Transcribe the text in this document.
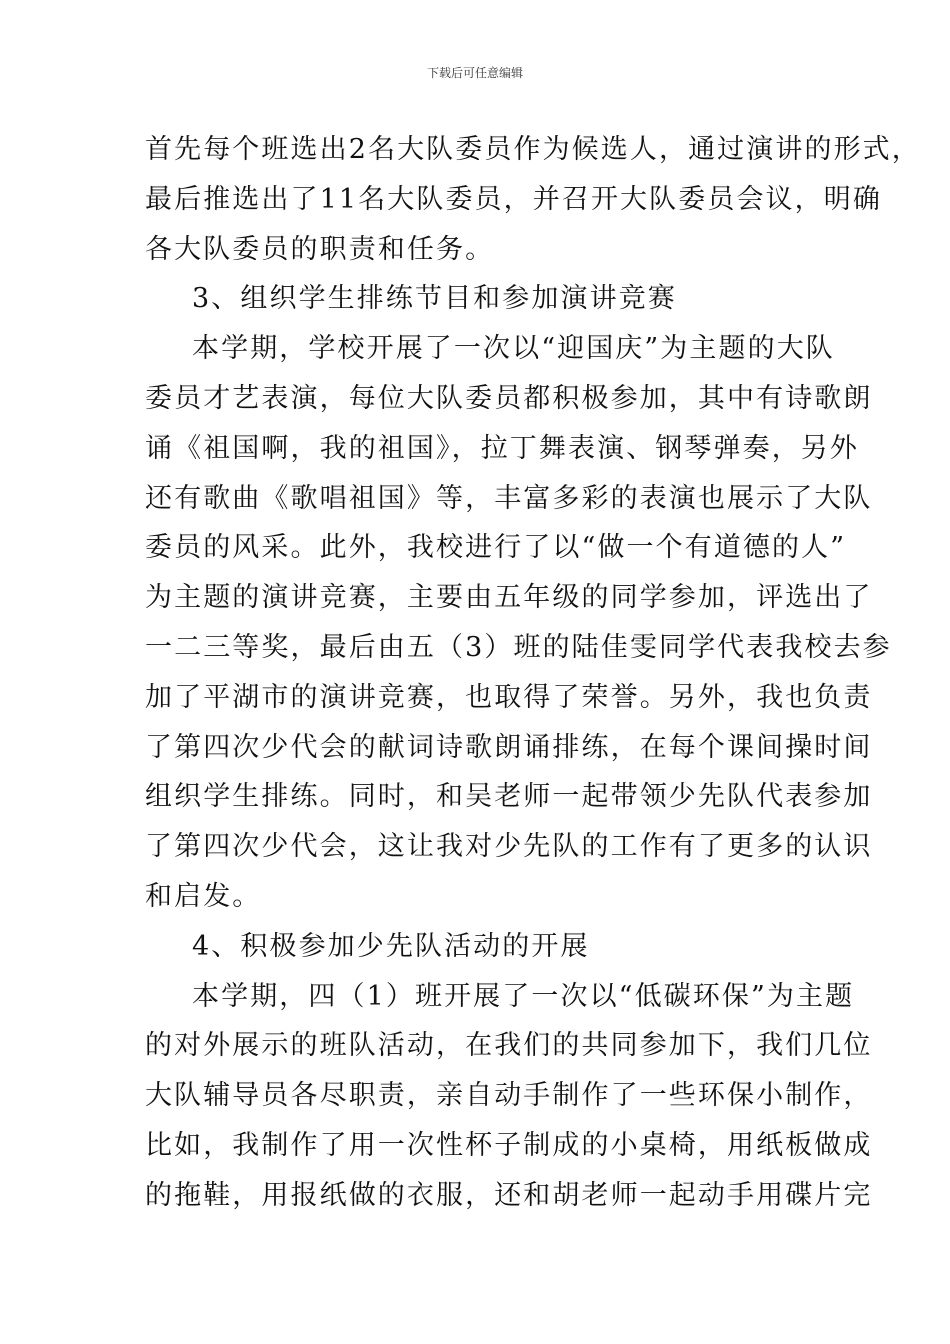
下载后可任意编辑
首先每个班选出2名大队委员作为候选人，通过演讲的形式，
最后推选出了11名大队委员，并召开大队委员会议，明确
各大队委员的职责和任务。
3、组织学生排练节目和参加演讲竞赛
本学期，学校开展了一次以“迎国庆”为主题的大队
委员才艺表演，每位大队委员都积极参加，其中有诗歌朗
诵《祖国啊，我的祖国》，拉丁舞表演、钢琴弹奏，另外
还有歌曲《歌唱祖国》等，丰富多彩的表演也展示了大队
委员的风采。此外，我校进行了以“做一个有道德的人”
为主题的演讲竞赛，主要由五年级的同学参加，评选出了
一二三等奖，最后由五（3）班的陆佳雯同学代表我校去参
加了平湖市的演讲竞赛，也取得了荣誉。另外，我也负责
了第四次少代会的献词诗歌朗诵排练，在每个课间操时间
组织学生排练。同时，和吴老师一起带领少先队代表参加
了第四次少代会，这让我对少先队的工作有了更多的认识
和启发。
4、积极参加少先队活动的开展
本学期，四（1）班开展了一次以“低碳环保”为主题
的对外展示的班队活动，在我们的共同参加下，我们几位
大队辅导员各尽职责，亲自动手制作了一些环保小制作，
比如，我制作了用一次性杯子制成的小桌椅，用纸板做成
的拖鞋，用报纸做的衣服，还和胡老师一起动手用碟片完
